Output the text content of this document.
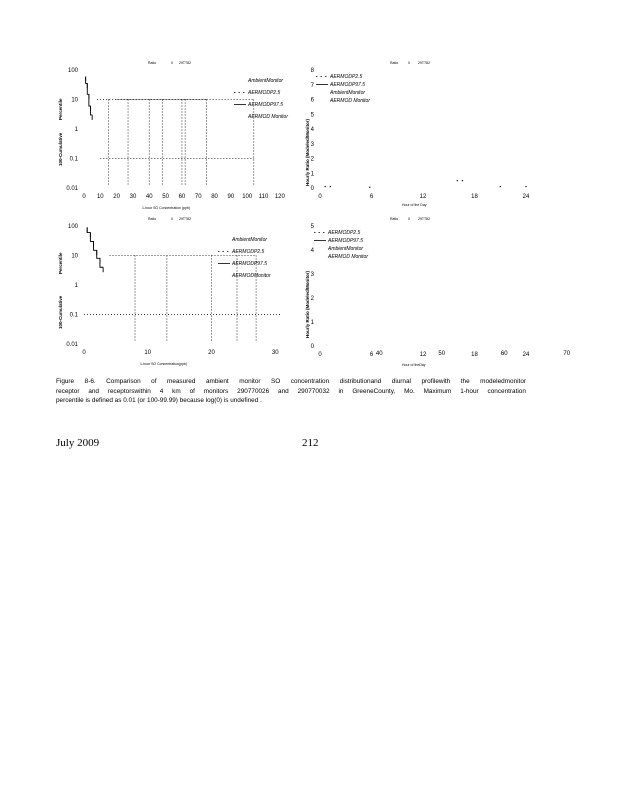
Ratio	0 29TT82
Percentile
100-Cumulative
100
10
1
0.1
0.01
0 10 20 30 40 50 60 70 80 90 100 110 120
1-hour SO Concentration (ppb)
AmbientMonitor
AERMODP2.5
AERMODP97.5
AERMOD Monitor
Ratio	0 29TT82
Hourly Ratio (Modeled/Monitor)
0
1
2
3
4
5
6
7
8
0	6	12	18	24
Hour of the Day
AERMODP2.5
AERMODP97.5
AmbientMonitor
AERMOD Monitor
Ratio	0 29TT82
Percentile
100-Cumulative
100
10
1
0.1
0.01
0	10	20	30
1-hour SO Concentration(ppb)
AmbientMonitor
AERMODP2.5
AERMODP97.5
AERMODMonitor
Ratio	0 29TT82
Hourly Ratio (Modeled/Monitor)
0
1
2
3
4
5
0	6	12	18	24
40	50	60	70
Hour of theDay
AERMODP2.5
AERMODP97.5
AmbientMonitor
AERMOD Monitor
Figure 8-6. Comparison of measured ambient monitor SO concentration distributionand diurnal profilewith the modeledmonitor
receptor and receptorswithin 4 km of monitors 290770026 and 290770032 in GreeneCounty, Mo. Maximum 1-hour concentration
percentile is defined as 0.01 (or 100-99.99) because log(0) is undefined .
July 2009	212
